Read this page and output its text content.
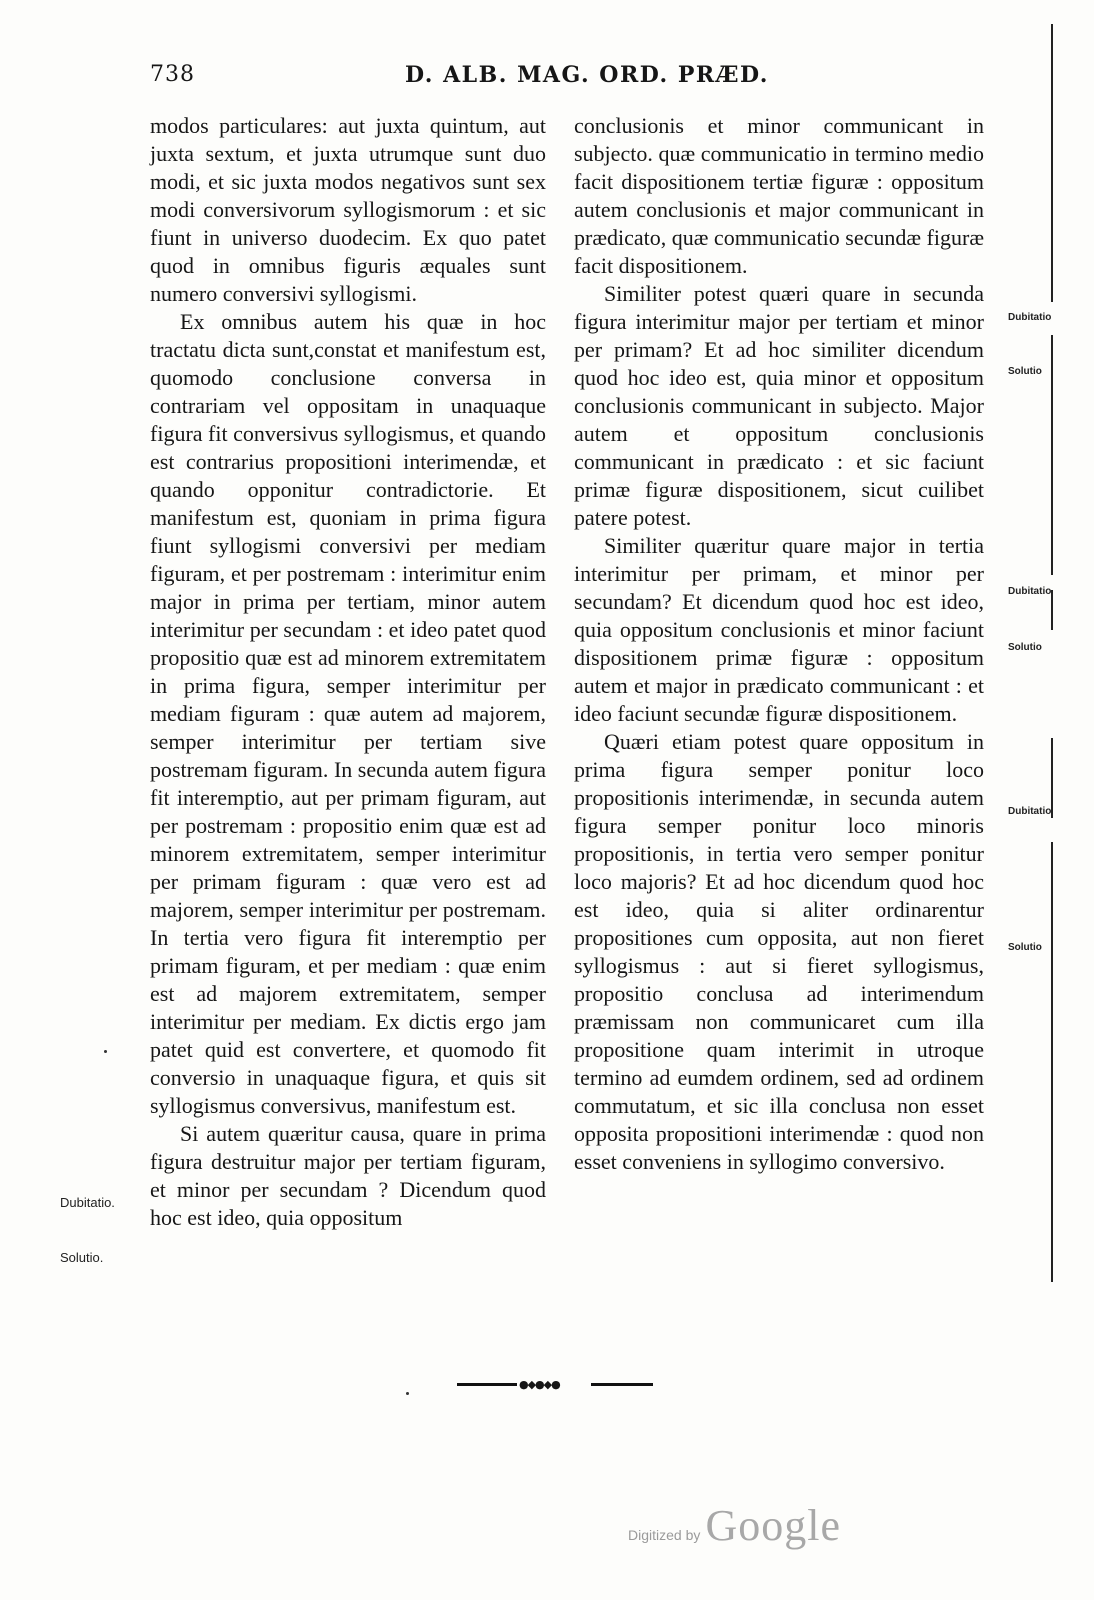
738	D. ALB. MAG. ORD. PRÆD.

modos particulares: aut juxta quintum, aut juxta sextum, et juxta utrumque sunt duo modi, et sic juxta modos negativos sunt sex modi conversivorum syllogismorum : et sic fiunt in universo duodecim. Ex quo patet quod in omnibus figuris æquales sunt numero conversivi syllogismi.

Ex omnibus autem his quæ in hoc tractatu dicta sunt,constat et manifestum est, quomodo conclusione conversa in contrariam vel oppositam in unaquaque figura fit conversivus syllogismus, et quando est contrarius propositioni interimendæ, et quando opponitur contradictorie. Et manifestum est, quoniam in prima figura fiunt syllogismi conversivi per mediam figuram, et per postremam : interimitur enim major in prima per tertiam, minor autem interimitur per secundam : et ideo patet quod propositio quæ est ad minorem extremitatem in prima figura, semper interimitur per mediam figuram : quæ autem ad majorem, semper interimitur per tertiam sive postremam figuram. In secunda autem figura fit interemptio, aut per primam figuram, aut per postremam : propositio enim quæ est ad minorem extremitatem, semper interimitur per primam figuram : quæ vero est ad majorem, semper interimitur per postremam. In tertia vero figura fit interemptio per primam figuram, et per mediam : quæ enim est ad majorem extremitatem, semper interimitur per mediam. Ex dictis ergo jam patet quid est convertere, et quomodo fit conversio in unaquaque figura, et quis sit syllogismus conversivus, manifestum est.

Si autem quæritur causa, quare in prima figura destruitur major per tertiam figuram, et minor per secundam ? Dicendum quod hoc est ideo, quia oppositum

conclusionis et minor communicant in subjecto. quæ communicatio in termino medio facit dispositionem tertiæ figuræ : oppositum autem conclusionis et major communicant in prædicato, quæ communicatio secundæ figuræ facit dispositionem.

Similiter potest quæri quare in secunda figura interimitur major per tertiam et minor per primam? Et ad hoc similiter dicendum quod hoc ideo est, quia minor et oppositum conclusionis communicant in subjecto. Major autem et oppositum conclusionis communicant in prædicato : et sic faciunt primæ figuræ dispositionem, sicut cuilibet patere potest.

Similiter quæritur quare major in tertia interimitur per primam, et minor per secundam? Et dicendum quod hoc est ideo, quia oppositum conclusionis et minor faciunt dispositionem primæ figuræ : oppositum autem et major in prædicato communicant : et ideo faciunt secundæ figuræ dispositionem.

Quæri etiam potest quare oppositum in prima figura semper ponitur loco propositionis interimendæ, in secunda autem figura semper ponitur loco minoris propositionis, in tertia vero semper ponitur loco majoris? Et ad hoc dicendum quod hoc est ideo, quia si aliter ordinarentur propositiones cum opposita, aut non fieret syllogismus : aut si fieret syllogismus, propositio conclusa ad interimendum præmissam non communicaret cum illa propositione quam interimit in utroque termino ad eumdem ordinem, sed ad ordinem commutatum, et sic illa conclusa non esset opposita propositioni interimendæ : quod non esset conveniens in syllogimo conversivo.

Dubitatio.
Solutio.
Dubitatio
Solutio
Dubitatio
Solutio
Dubitatio
Solutio
●◆●◆●
Digitized by Google
